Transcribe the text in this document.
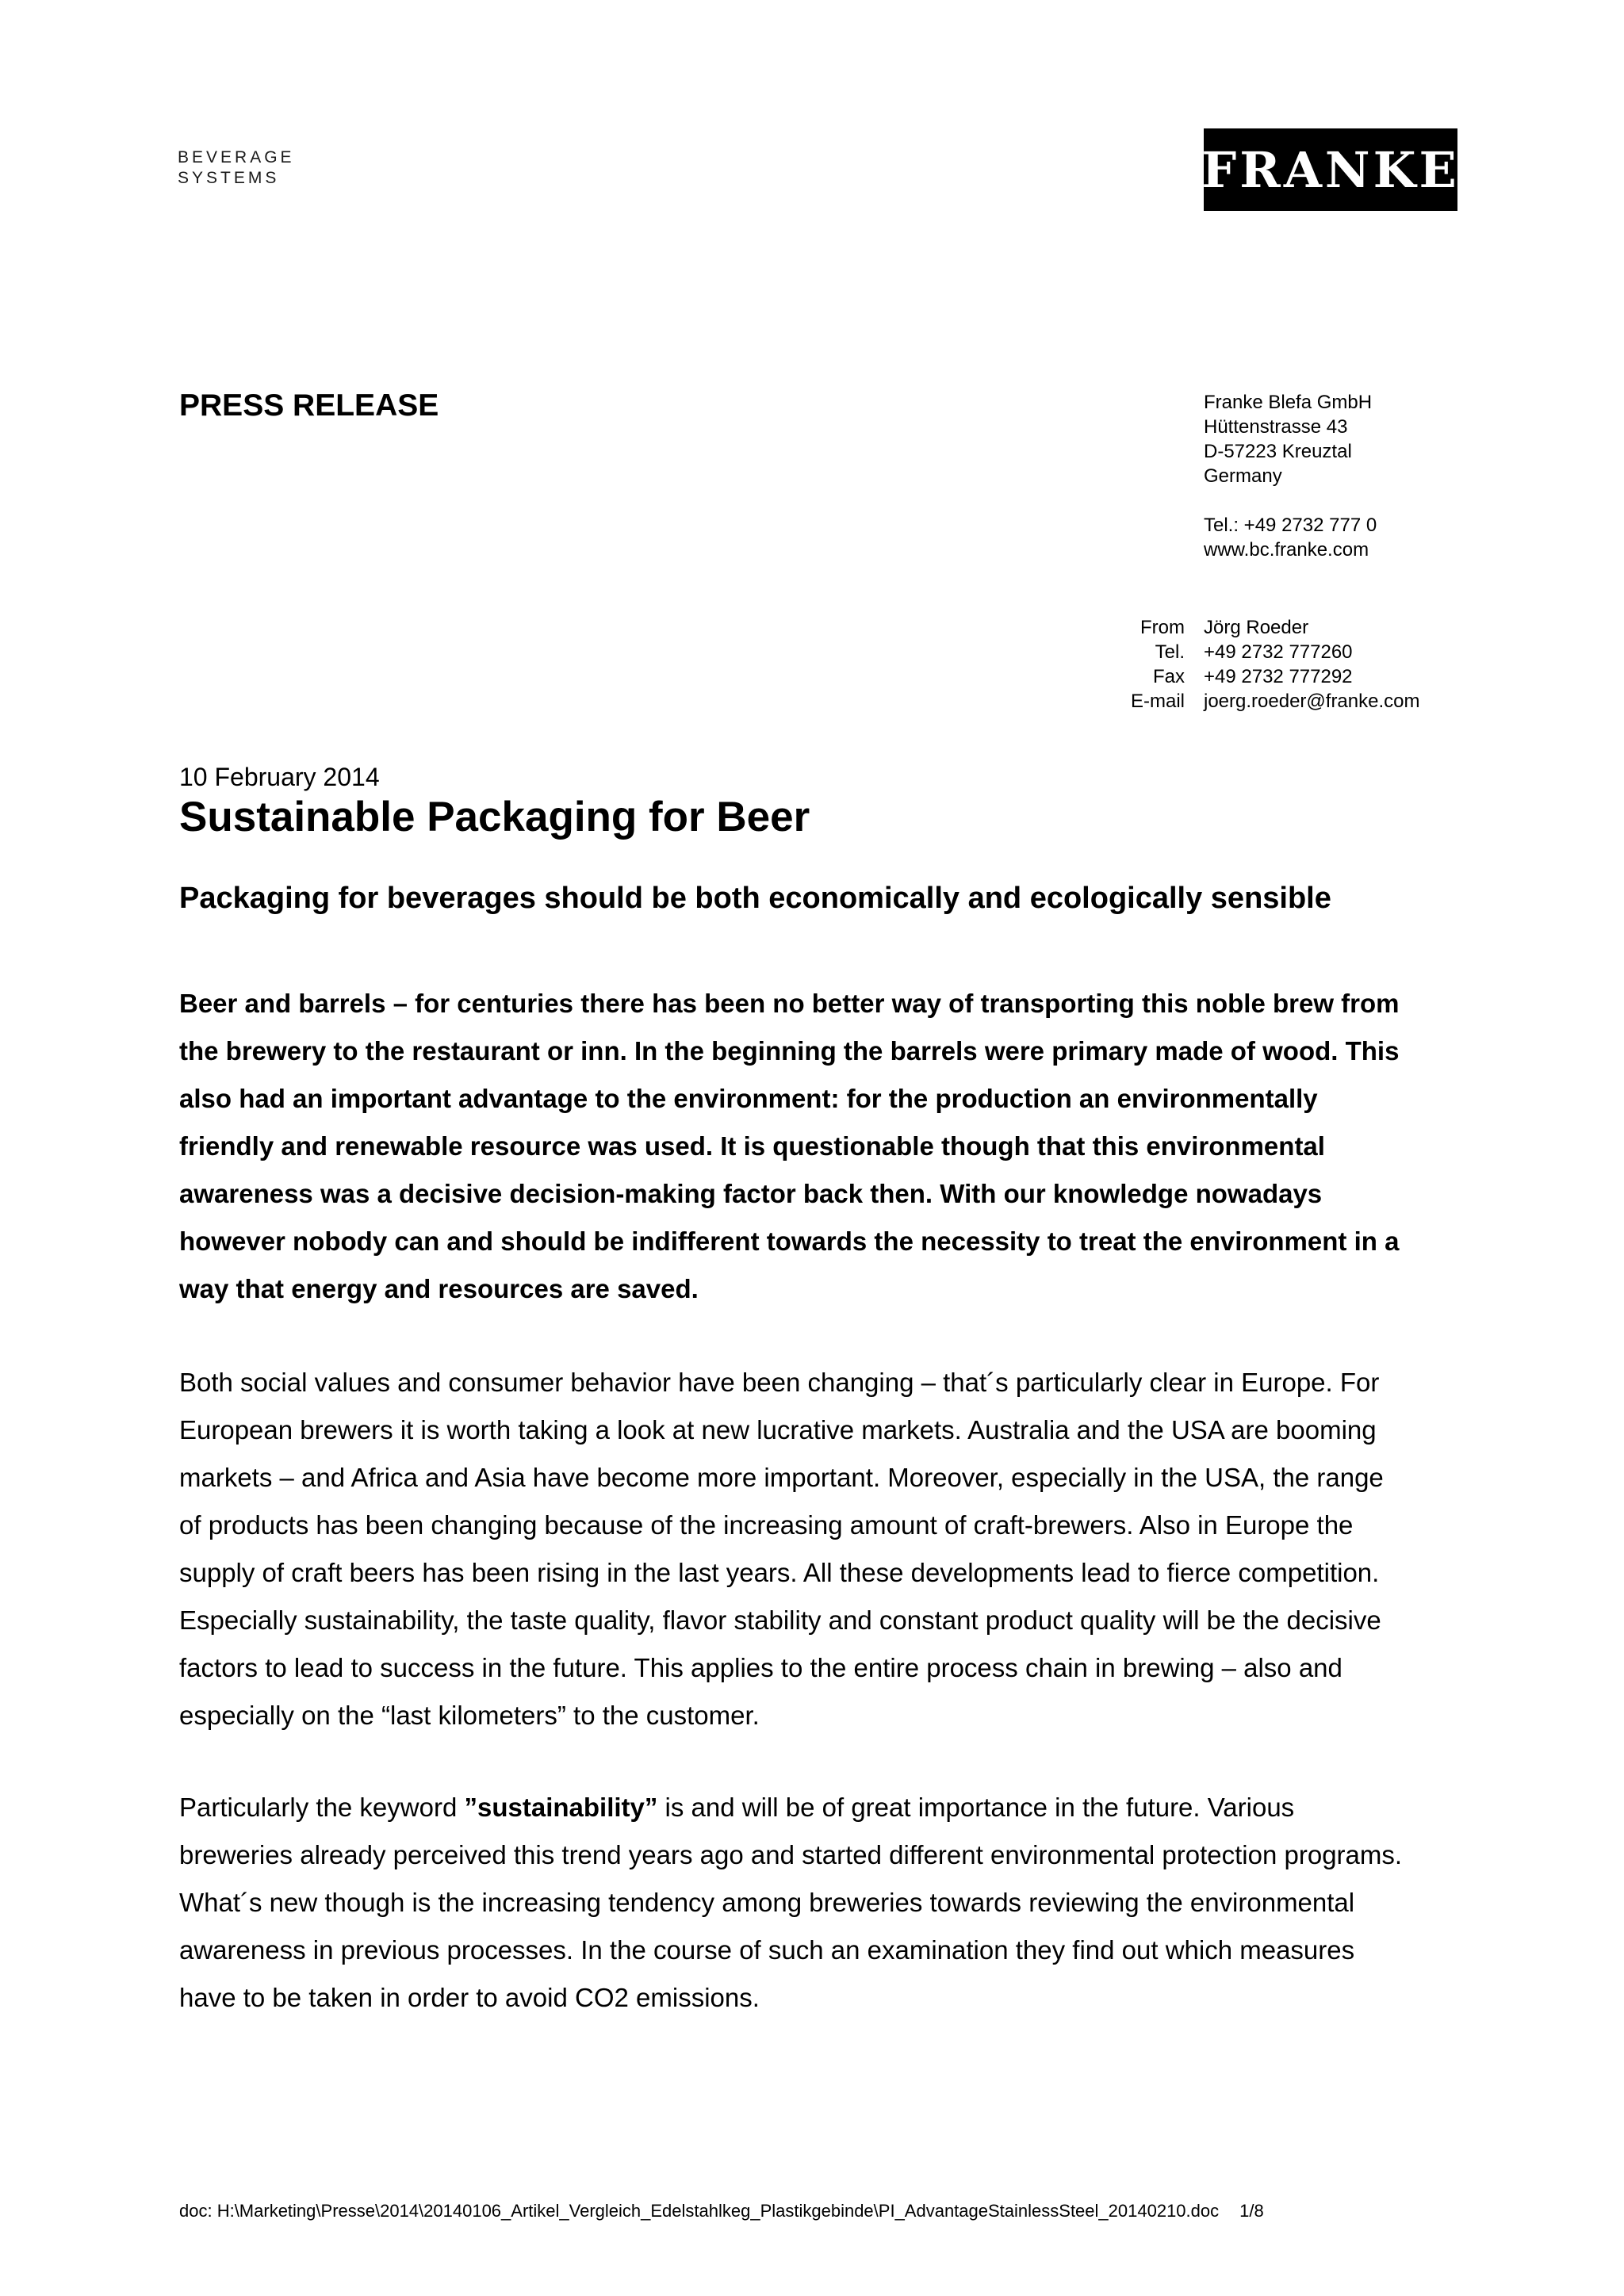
BEVERAGE
SYSTEMS	F R A N K E
PRESS RELEASE	Franke Blefa GmbH
Hüttenstrasse 43
D-57223 Kreuztal
Germany
Tel.: +49 2732 777 0
www.bc.franke.com
From
Tel.
Fax
E-mail
Jörg Roeder
+49 2732 777260
+49 2732 777292
joerg.roeder@franke.com
10 February 2014
Sustainable Packaging for Beer
Packaging for beverages should be both economically and ecologically sensible
Beer and barrels – for centuries there has been no better way of transporting this noble brew from
the brewery to the restaurant or inn. In the beginning the barrels were primary made of wood. This
also had an important advantage to the environment: for the production an environmentally
friendly and renewable resource was used. It is questionable though that this environmental
awareness was a decisive decision-making factor back then. With our knowledge nowadays
however nobody can and should be indifferent towards the necessity to treat the environment in a
way that energy and resources are saved.
Both social values and consumer behavior have been changing – that´s particularly clear in Europe. For
European brewers it is worth taking a look at new lucrative markets. Australia and the USA are booming
markets – and Africa and Asia have become more important. Moreover, especially in the USA, the range
of products has been changing because of the increasing amount of craft-brewers. Also in Europe the
supply of craft beers has been rising in the last years. All these developments lead to fierce competition.
Especially sustainability, the taste quality, flavor stability and constant product quality will be the decisive
factors to lead to success in the future. This applies to the entire process chain in brewing – also and
especially on the “last kilometers” to the customer.
Particularly the keyword ”sustainability” is and will be of great importance in the future. Various
breweries already perceived this trend years ago and started different environmental protection programs.
What´s new though is the increasing tendency among breweries towards reviewing the environmental
awareness in previous processes. In the course of such an examination they find out which measures
have to be taken in order to avoid CO2 emissions.
doc: H:\Marketing\Presse\2014\20140106_Artikel_Vergleich_Edelstahlkeg_Plastikgebinde\PI_AdvantageStainlessSteel_20140210.doc 1/8
